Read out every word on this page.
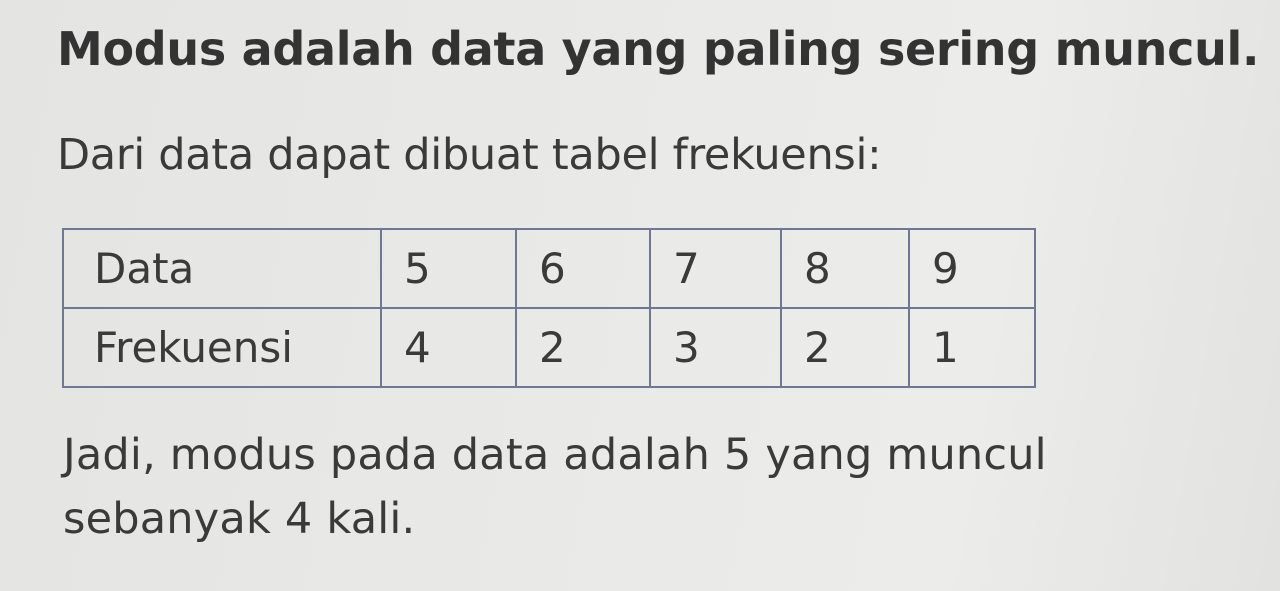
Modus adalah data yang paling sering muncul.

Dari data dapat dibuat tabel frekuensi:

Data	5	6	7	8	9
Frekuensi	4	2	3	2	1

Jadi, modus pada data adalah 5 yang muncul
sebanyak 4 kali.
